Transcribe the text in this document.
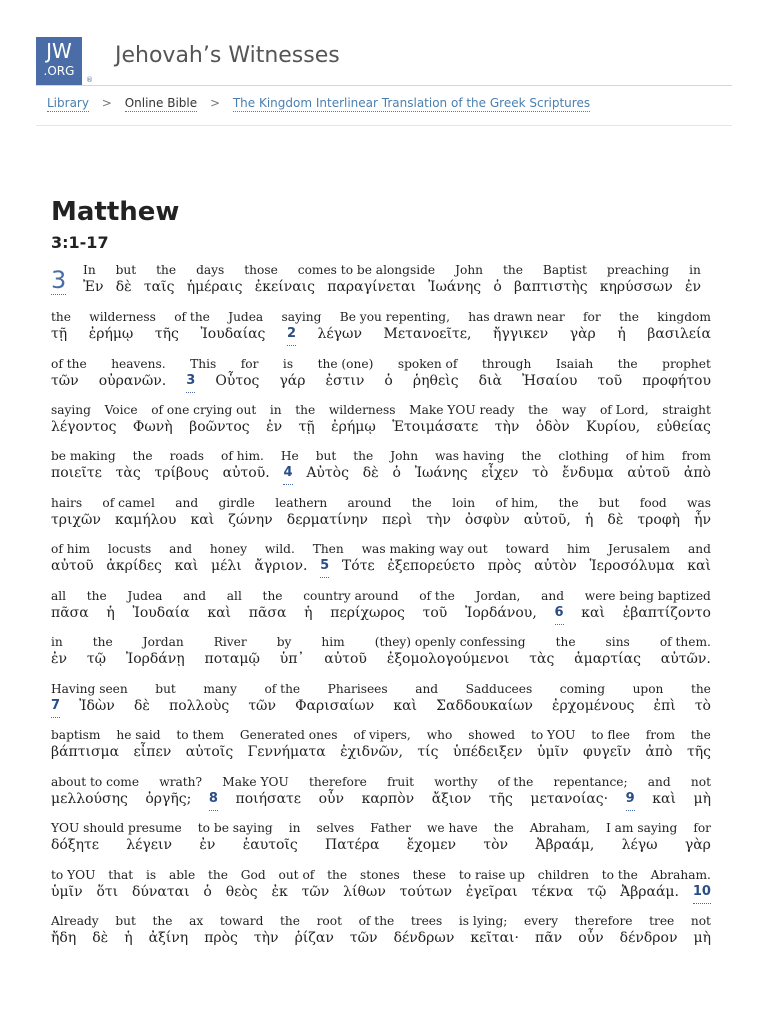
JW
.ORG
®
Jehovah’s Witnesses
Library > Online Bible > The Kingdom Interlinear Translation of the Greek Scriptures
Matthew
3:1-17
3 In but the days those comes to be alongside John the Baptist preaching in
Ἐν δὲ ταῖς ἡμέραις ἐκείναις παραγίνεται Ἰωάνης ὁ βαπτιστὴς κηρύσσων ἐν
the wilderness of the Judea saying Be you repenting, has drawn near for the kingdom
τῇ ἐρήμῳ τῆς Ἰουδαίας 2 λέγων Μετανοεῖτε, ἤγγικεν γὰρ ἡ βασιλεία
of the heavens. This for is the (one) spoken of through Isaiah the prophet
τῶν οὐρανῶν. 3 Οὗτος γάρ ἐστιν ὁ ῥηθεὶς διὰ Ἠσαίου τοῦ προφήτου
saying Voice of one crying out in the wilderness Make YOU ready the way of Lord, straight
λέγοντος Φωνὴ βοῶντος ἐν τῇ ἐρήμῳ Ἑτοιμάσατε τὴν ὁδὸν Κυρίου, εὐθείας
be making the roads of him. He but the John was having the clothing of him from
ποιεῖτε τὰς τρίβους αὐτοῦ. 4 Αὐτὸς δὲ ὁ Ἰωάνης εἶχεν τὸ ἔνδυμα αὐτοῦ ἀπὸ
hairs of camel and girdle leathern around the loin of him, the but food was
τριχῶν καμήλου καὶ ζώνην δερματίνην περὶ τὴν ὀσφὺν αὐτοῦ, ἡ δὲ τροφὴ ἦν
of him locusts and honey wild. Then was making way out toward him Jerusalem and
αὐτοῦ ἀκρίδες καὶ μέλι ἄγριον. 5 Τότε ἐξεπορεύετο πρὸς αὐτὸν Ἱεροσόλυμα καὶ
all the Judea and all the country around of the Jordan, and were being baptized
πᾶσα ἡ Ἰουδαία καὶ πᾶσα ἡ περίχωρος τοῦ Ἰορδάνου, 6 καὶ ἐβαπτίζοντο
in the Jordan River by him (they) openly confessing the sins of them.
ἐν τῷ Ἰορδάνῃ ποταμῷ ὑπ᾽ αὐτοῦ ἐξομολογούμενοι τὰς ἁμαρτίας αὐτῶν.
Having seen but many of the Pharisees and Sadducees coming upon the
7 Ἰδὼν δὲ πολλοὺς τῶν Φαρισαίων καὶ Σαδδουκαίων ἐρχομένους ἐπὶ τὸ
baptism he said to them Generated ones of vipers, who showed to YOU to flee from the
βάπτισμα εἶπεν αὐτοῖς Γεννήματα ἐχιδνῶν, τίς ὑπέδειξεν ὑμῖν φυγεῖν ἀπὸ τῆς
about to come wrath? Make YOU therefore fruit worthy of the repentance; and not
μελλούσης ὀργῆς; 8 ποιήσατε οὖν καρπὸν ἄξιον τῆς μετανοίας· 9 καὶ μὴ
YOU should presume to be saying in selves Father we have the Abraham, I am saying for
δόξητε λέγειν ἐν ἑαυτοῖς Πατέρα ἔχομεν τὸν Ἀβραάμ, λέγω γὰρ
to YOU that is able the God out of the stones these to raise up children to the Abraham.
ὑμῖν ὅτι δύναται ὁ θεὸς ἐκ τῶν λίθων τούτων ἐγεῖραι τέκνα τῷ Ἀβραάμ. 10
Already but the ax toward the root of the trees is lying; every therefore tree not
ἤδη δὲ ἡ ἀξίνη πρὸς τὴν ῥίζαν τῶν δένδρων κεῖται· πᾶν οὖν δένδρον μὴ
